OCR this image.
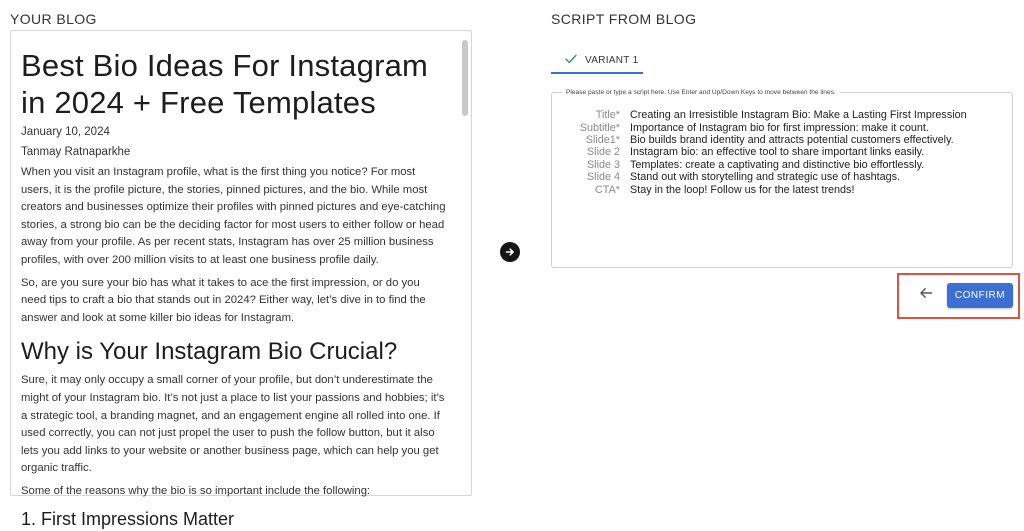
YOUR BLOG	SCRIPT FROM BLOG
Best Bio Ideas For Instagram in 2024 + Free Templates
January 10, 2024
Tanmay Ratnaparkhe

When you visit an Instagram profile, what is the first thing you notice? For most users, it is the profile picture, the stories, pinned pictures, and the bio. While most creators and businesses optimize their profiles with pinned pictures and eye-catching stories, a strong bio can be the deciding factor for most users to either follow or head away from your profile. As per recent stats, Instagram has over 25 million business profiles, with over 200 million visits to at least one business profile daily.

So, are you sure your bio has what it takes to ace the first impression, or do you need tips to craft a bio that stands out in 2024? Either way, let’s dive in to find the answer and look at some killer bio ideas for Instagram.

Why is Your Instagram Bio Crucial?

Sure, it may only occupy a small corner of your profile, but don’t underestimate the might of your Instagram bio. It’s not just a place to list your passions and hobbies; it’s a strategic tool, a branding magnet, and an engagement engine all rolled into one. If used correctly, you can not just propel the user to push the follow button, but it also lets you add links to your website or another business page, which can help you get organic traffic.

Some of the reasons why the bio is so important include the following:

1. First Impressions Matter
VARIANT 1
Please paste or type a script here. Use Enter and Up/Down Keys to move between the lines.
Title* Creating an Irresistible Instagram Bio: Make a Lasting First Impression
Subtitle* Importance of Instagram bio for first impression: make it count.
Slide1* Bio builds brand identity and attracts potential customers effectively.
Slide 2 Instagram bio: an effective tool to share important links easily.
Slide 3 Templates: create a captivating and distinctive bio effortlessly.
Slide 4 Stand out with storytelling and strategic use of hashtags.
CTA* Stay in the loop! Follow us for the latest trends!
CONFIRM
